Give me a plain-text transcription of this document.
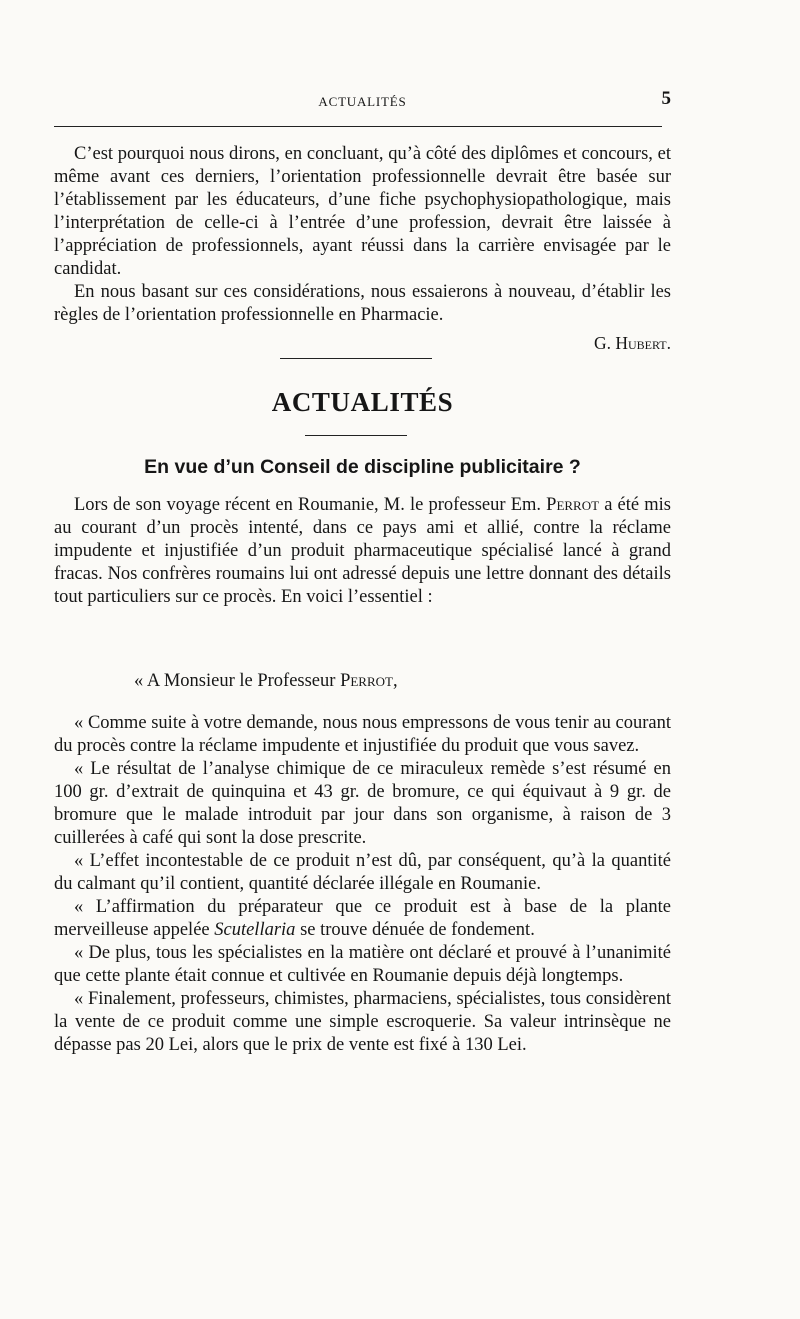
ACTUALITÉS	5

C’est pourquoi nous dirons, en concluant, qu’à côté des diplômes et concours, et même avant ces derniers, l’orientation professionnelle devrait être basée sur l’établissement par les éducateurs, d’une fiche psychophysiopathologique, mais l’interprétation de celle-ci à l’entrée d’une profession, devrait être laissée à l’appréciation de professionnels, ayant réussi dans la carrière envisagée par le candidat.

En nous basant sur ces considérations, nous essaierons à nouveau, d’établir les règles de l’orientation professionnelle en Pharmacie.

G. Hubert.
ACTUALITÉS
En vue d’un Conseil de discipline publicitaire ?

Lors de son voyage récent en Roumanie, M. le professeur Em. Perrot a été mis au courant d’un procès intenté, dans ce pays ami et allié, contre la réclame impudente et injustifiée d’un produit pharmaceutique spécialisé lancé à grand fracas. Nos confrères roumains lui ont adressé depuis une lettre donnant des détails tout particuliers sur ce procès. En voici l’essentiel :

« A Monsieur le Professeur Perrot,

« Comme suite à votre demande, nous nous empressons de vous tenir au courant du procès contre la réclame impudente et injustifiée du produit que vous savez.

« Le résultat de l’analyse chimique de ce miraculeux remède s’est résumé en 100 gr. d’extrait de quinquina et 43 gr. de bromure, ce qui équivaut à 9 gr. de bromure que le malade introduit par jour dans son organisme, à raison de 3 cuillerées à café qui sont la dose prescrite.

« L’effet incontestable de ce produit n’est dû, par conséquent, qu’à la quantité du calmant qu’il contient, quantité déclarée illégale en Roumanie.

« L’affirmation du préparateur que ce produit est à base de la plante merveilleuse appelée Scutellaria se trouve dénuée de fondement.

« De plus, tous les spécialistes en la matière ont déclaré et prouvé à l’unanimité que cette plante était connue et cultivée en Roumanie depuis déjà longtemps.

« Finalement, professeurs, chimistes, pharmaciens, spécialistes, tous considèrent la vente de ce produit comme une simple escroquerie. Sa valeur intrinsèque ne dépasse pas 20 Lei, alors que le prix de vente est fixé à 130 Lei.
